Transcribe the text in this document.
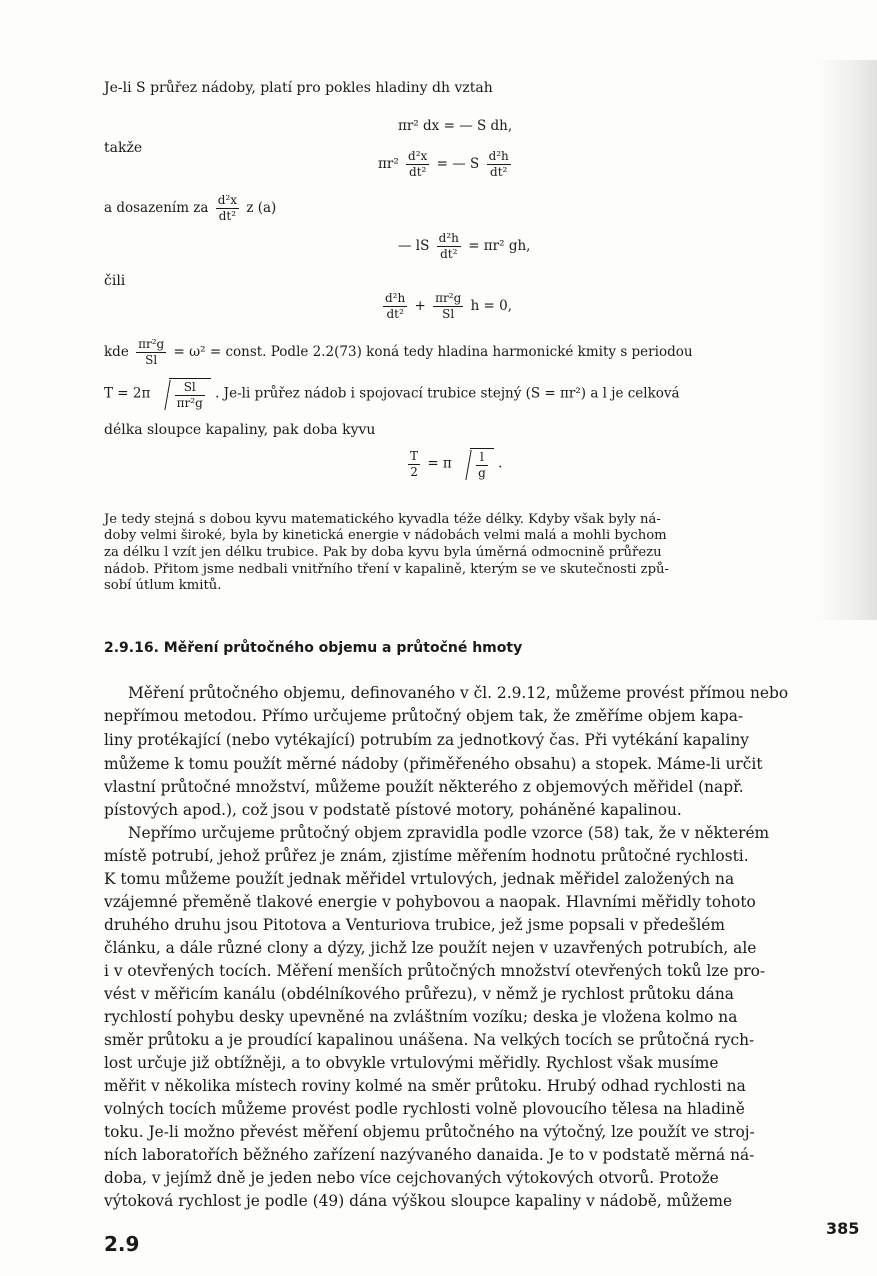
Je-li S průřez nádoby, platí pro pokles hladiny dh vztah
πr² dx = — S dh,
takže
$\pi r^2 \frac{\text{d²x}}{\text{dt²}}$ = — S $\frac{\text{d²h}}{\text{dt²}}$
a dosazením za $\frac{\text{d²x}}{\text{dt²}}$ z (a)
— lS $\frac{\text{d²h}}{\text{dt²}} = \pi r^2$ gh,
čili
$\frac{\text{d²h}}{\text{dt²}} + \frac{\text{πr²g}}{Sl}$ h = 0,
kde $\frac{\text{πr²g}}{Sl} = \omega^2$ = const. Podle 2.2(73) koná tedy hladina harmonické kmity s periodou
$T = 2\pi \frac{Sl}{\text{πr²g}}$ . Je-li průřez nádob i spojovací trubice stejný (S = πr²) a l je celková
délka sloupce kapaliny, pak doba kyvu
$\frac{T}{2} = \pi \frac{l}{g}$ .
Je tedy stejná s dobou kyvu matematického kyvadla téže délky. Kdyby však byly ná-
doby velmi široké, byla by kinetická energie v nádobách velmi malá a mohli bychom
za délku l vzít jen délku trubice. Pak by doba kyvu byla úměrná odmocnině průřezu
nádob. Přitom jsme nedbali vnitřního tření v kapalině, kterým se ve skutečnosti způ-
sobí útlum kmitů.
2.9.16. Měření průtočného objemu a průtočné hmoty
Měření průtočného objemu, definovaného v čl. 2.9.12, můžeme provést přímou nebo
nepřímou metodou. Přímo určujeme průtočný objem tak, že změříme objem kapa-
liny protékající (nebo vytékající) potrubím za jednotkový čas. Při vytékání kapaliny
můžeme k tomu použít měrné nádoby (přiměřeného obsahu) a stopek. Máme-li určit
vlastní průtočné množství, můžeme použít některého z objemových měřidel (např.
pístových apod.), což jsou v podstatě pístové motory, poháněné kapalinou.
Nepřímo určujeme průtočný objem zpravidla podle vzorce (58) tak, že v některém
místě potrubí, jehož průřez je znám, zjistíme měřením hodnotu průtočné rychlosti.
K tomu můžeme použít jednak měřidel vrtulových, jednak měřidel založených na
vzájemné přeměně tlakové energie v pohybovou a naopak. Hlavními měřidly tohoto
druhého druhu jsou Pitotova a Venturiova trubice, jež jsme popsali v předešlém
článku, a dále různé clony a dýzy, jichž lze použít nejen v uzavřených potrubích, ale
i v otevřených tocích. Měření menších průtočných množství otevřených toků lze pro-
vést v měřicím kanálu (obdélníkového průřezu), v němž je rychlost průtoku dána
rychlostí pohybu desky upevněné na zvláštním vozíku; deska je vložena kolmo na
směr průtoku a je proudící kapalinou unášena. Na velkých tocích se průtočná rych-
lost určuje již obtížněji, a to obvykle vrtulovými měřidly. Rychlost však musíme
měřit v několika místech roviny kolmé na směr průtoku. Hrubý odhad rychlosti na
volných tocích můžeme provést podle rychlosti volně plovoucího tělesa na hladině
toku. Je-li možno převést měření objemu průtočného na výtočný, lze použít ve stroj-
ních laboratořích běžného zařízení nazývaného danaida. Je to v podstatě měrná ná-
doba, v jejímž dně je jeden nebo více cejchovaných výtokových otvorů. Protože
výtoková rychlost je podle (49) dána výškou sloupce kapaliny v nádobě, můžeme
2.9
385
